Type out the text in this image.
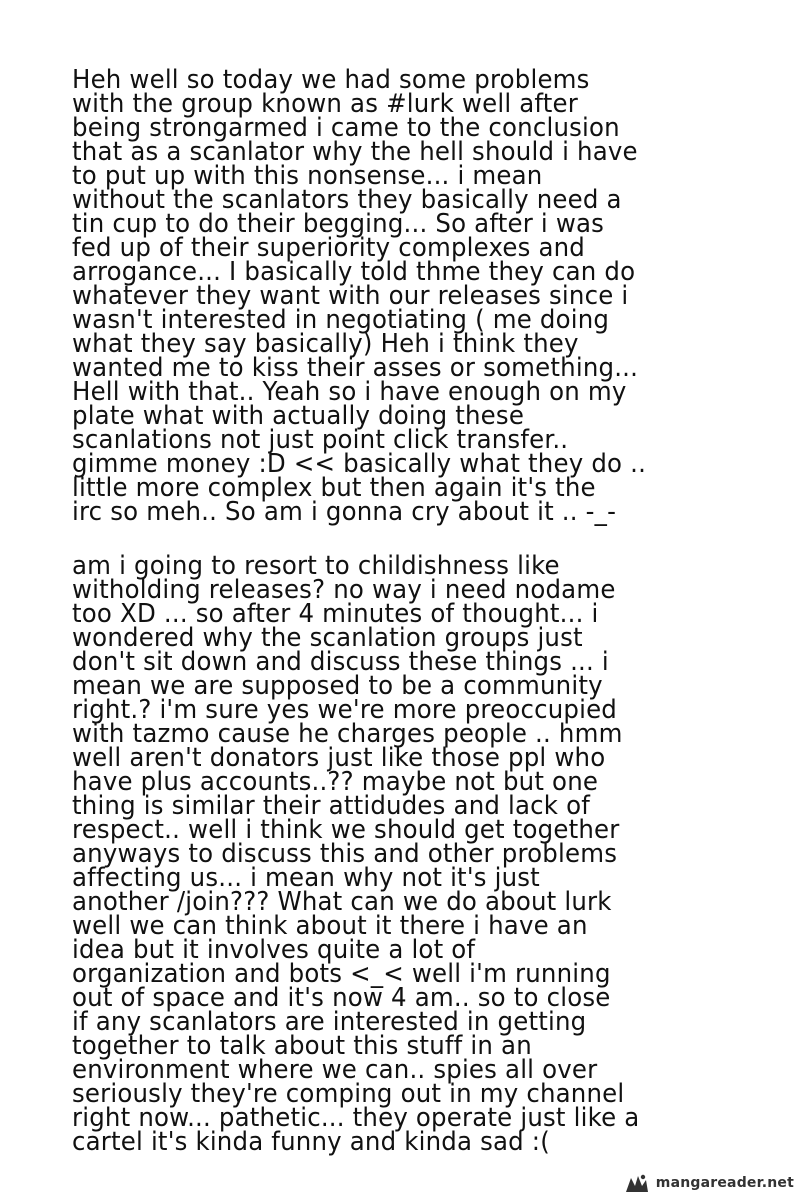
Heh well so today we had some problems
with the group known as #lurk well after
being strongarmed i came to the conclusion
that as a scanlator why the hell should i have
to put up with this nonsense... i mean
without the scanlators they basically need a
tin cup to do their begging... So after i was
fed up of their superiority complexes and
arrogance... I basically told thme they can do
whatever they want with our releases since i
wasn't interested in negotiating ( me doing
what they say basically) Heh i think they
wanted me to kiss their asses or something...
Hell with that.. Yeah so i have enough on my
plate what with actually doing these
scanlations not just point click transfer..
gimme money :D << basically what they do ..
little more complex but then again it's the
irc so meh.. So am i gonna cry about it .. -_-
am i going to resort to childishness like
witholding releases? no way i need nodame
too XD ... so after 4 minutes of thought... i
wondered why the scanlation groups just
don't sit down and discuss these things ... i
mean we are supposed to be a community
right.? i'm sure yes we're more preoccupied
with tazmo cause he charges people .. hmm
well aren't donators just like those ppl who
have plus accounts..?? maybe not but one
thing is similar their attidudes and lack of
respect.. well i think we should get together
anyways to discuss this and other problems
affecting us... i mean why not it's just
another /join??? What can we do about lurk
well we can think about it there i have an
idea but it involves quite a lot of
organization and bots <_< well i'm running
out of space and it's now 4 am.. so to close
if any scanlators are interested in getting
together to talk about this stuff in an
environment where we can.. spies all over
seriously they're comping out in my channel
right now... pathetic... they operate just like a
cartel it's kinda funny and kinda sad :(
mangareader.net
